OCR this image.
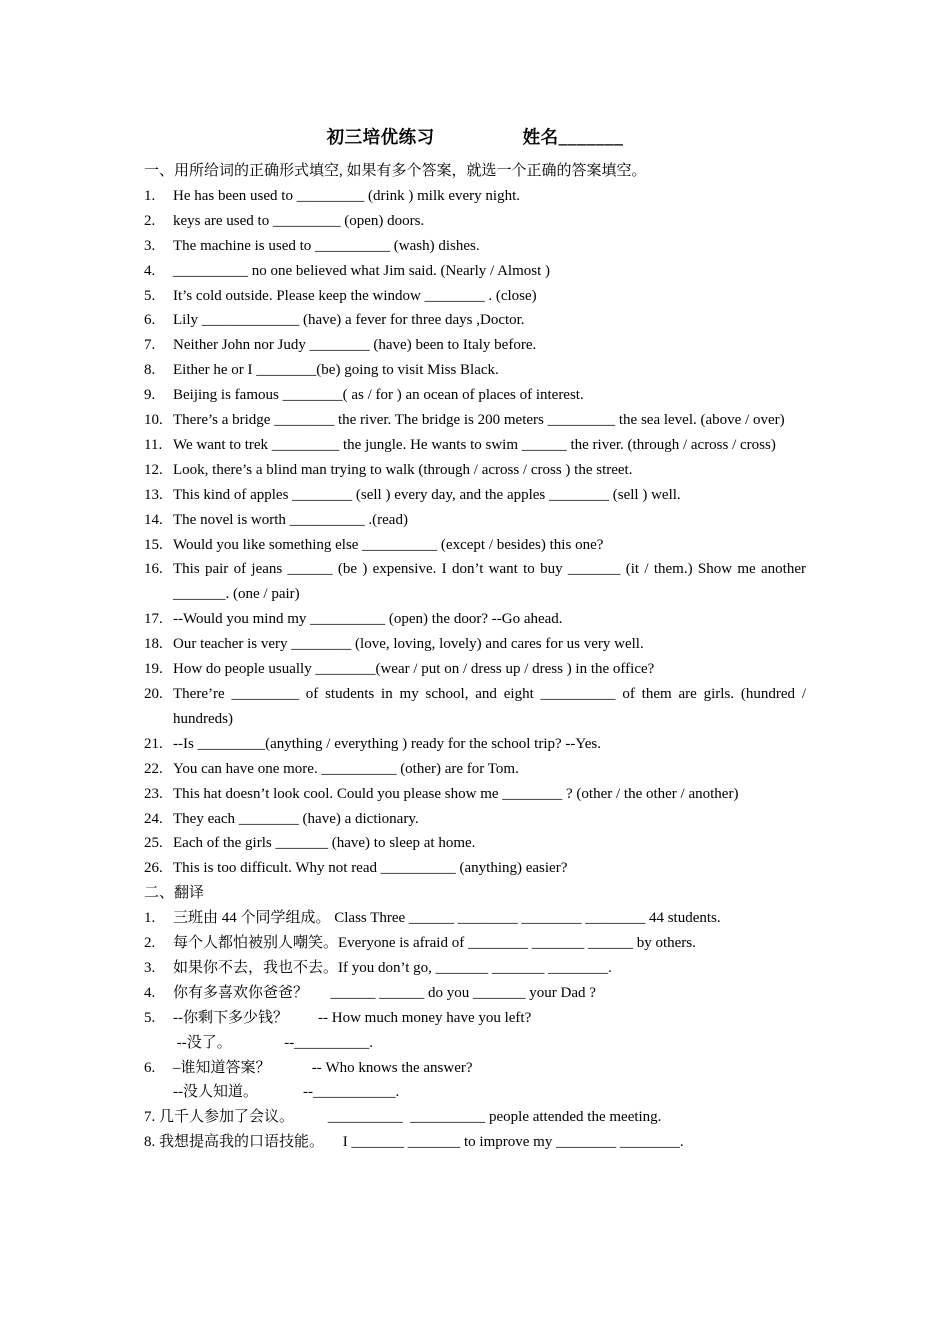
初三培优练习	姓名_______
一、用所给词的正确形式填空, 如果有多个答案，就选一个正确的答案填空。
1. He has been used to _________ (drink ) milk every night.
2. keys are used to _________ (open) doors.
3. The machine is used to __________ (wash) dishes.
4. __________ no one believed what Jim said. (Nearly / Almost )
5. It’s cold outside. Please keep the window ________ . (close)
6. Lily _____________ (have) a fever for three days ,Doctor.
7. Neither John nor Judy ________ (have) been to Italy before.
8. Either he or I ________(be) going to visit Miss Black.
9. Beijing is famous ________( as / for ) an ocean of places of interest.
10. There’s a bridge ________ the river. The bridge is 200 meters _________ the sea level. (above / over)
11. We want to trek _________ the jungle. He wants to swim ______ the river. (through / across / cross)
12. Look, there’s a blind man trying to walk (through / across / cross ) the street.
13. This kind of apples ________ (sell ) every day, and the apples ________ (sell ) well.
14. The novel is worth __________ .(read)
15. Would you like something else __________ (except / besides) this one?
16. This pair of jeans ______ (be ) expensive. I don’t want to buy _______ (it / them.) Show me another _______. (one / pair)
17. --Would you mind my __________ (open) the door? --Go ahead.
18. Our teacher is very ________ (love, loving, lovely) and cares for us very well.
19. How do people usually ________(wear / put on / dress up / dress ) in the office?
20. There’re _________ of students in my school, and eight __________ of them are girls. (hundred / hundreds)
21. --Is _________(anything / everything ) ready for the school trip? --Yes.
22. You can have one more. __________ (other) are for Tom.
23. This hat doesn’t look cool. Could you please show me ________ ? (other / the other / another)
24. They each ________ (have) a dictionary.
25. Each of the girls _______ (have) to sleep at home.
26. This is too difficult. Why not read __________ (anything) easier?
二、翻译
1. 三班由 44 个同学组成。 Class Three ______ ________ ________ ________ 44 students.
2. 每个人都怕被别人嘲笑。Everyone is afraid of ________ _______ ______ by others.
3. 如果你不去，我也不去。If you don’t go, _______ _______ ________.
4. 你有多喜欢你爸爸？      ______ ______ do you _______ your Dad ?
5. --你剩下多少钱？        -- How much money have you left?
--没了。              --__________.
6. –谁知道答案？           -- Who knows the answer?
--没人知道。            --___________.
7. 几千人参加了会议。         __________  __________ people attended the meeting.
8. 我想提高我的口语技能。     I _______ _______ to improve my ________ ________.
